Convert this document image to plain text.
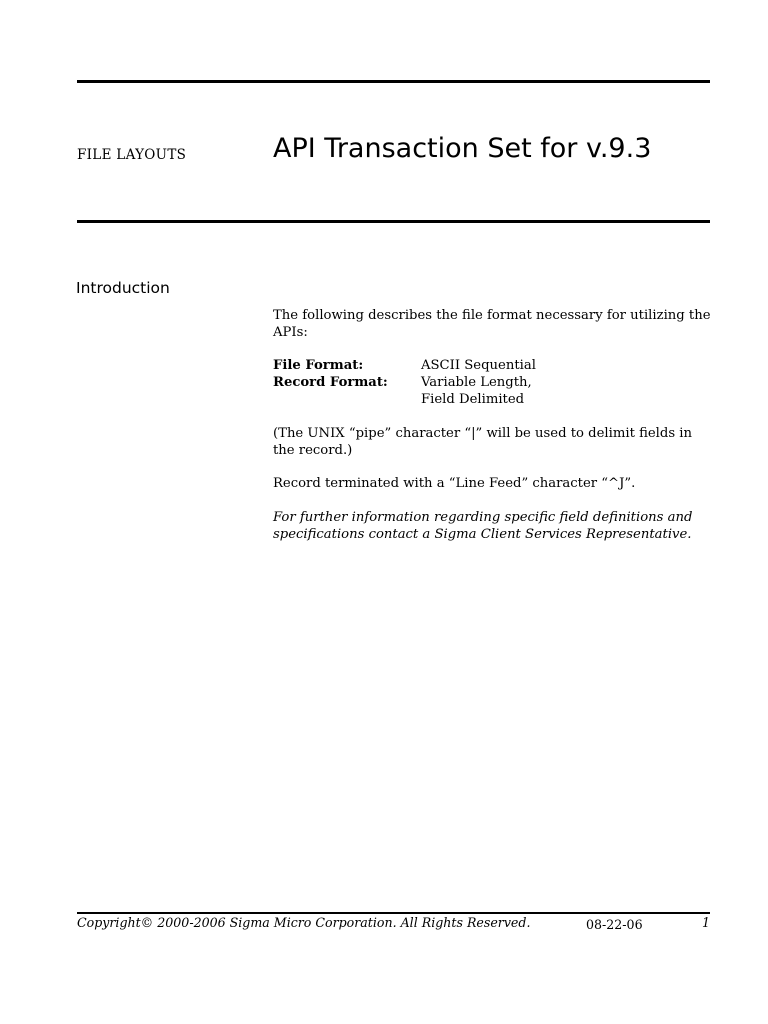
FILE LAYOUTS	API Transaction Set for v.9.3
Introduction
The following describes the file format necessary for utilizing the APIs:
File Format:	ASCII Sequential
Record Format:	Variable Length,
Field Delimited
(The UNIX “pipe” character “|” will be used to delimit fields in the record.)
Record terminated with a “Line Feed” character “^J”.
For further information regarding specific field definitions and specifications contact a Sigma Client Services Representative.
Copyright© 2000-2006 Sigma Micro Corporation. All Rights Reserved.	08-22-06	1
